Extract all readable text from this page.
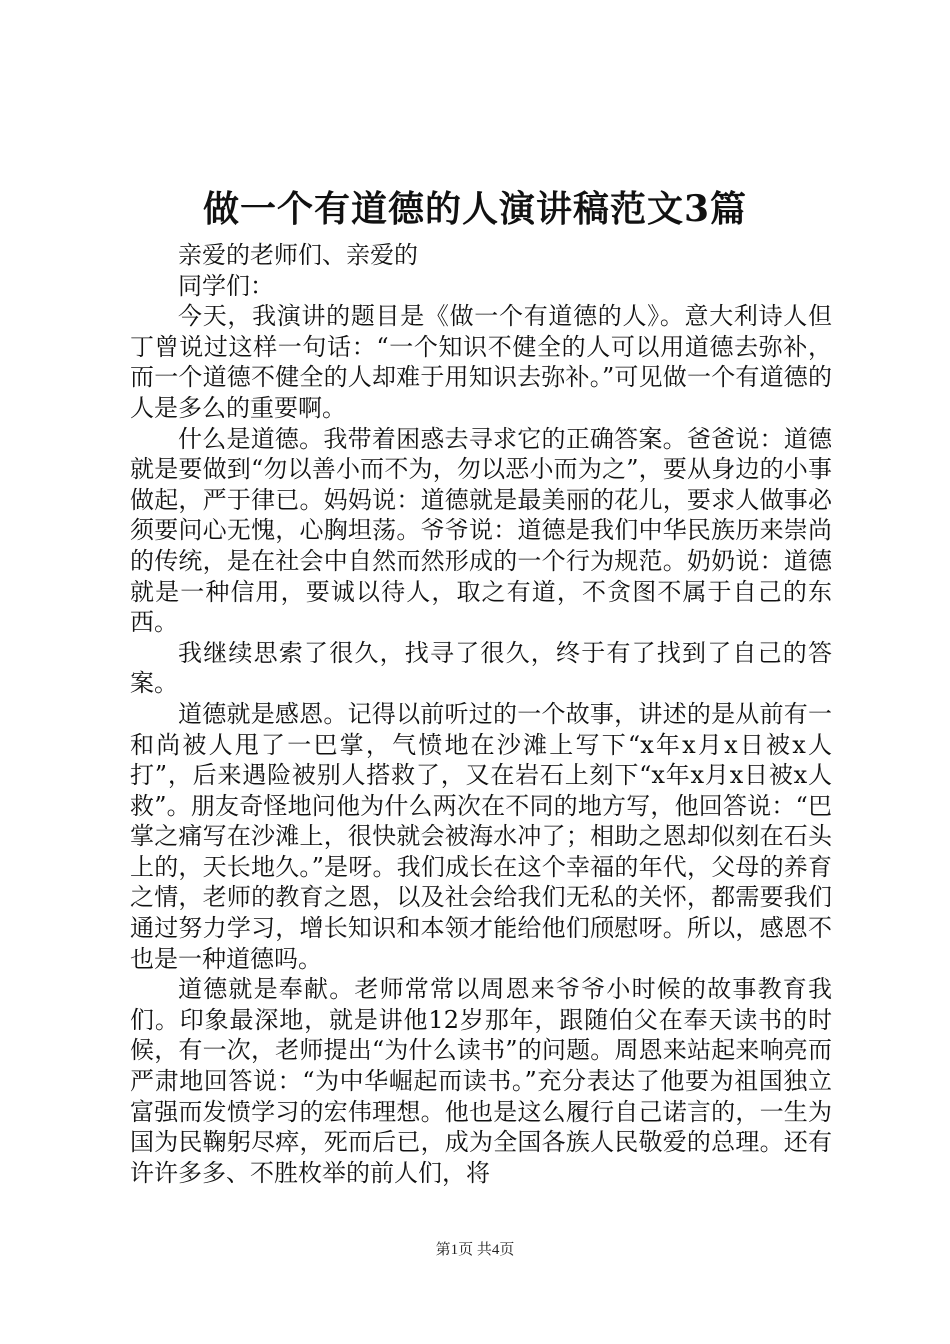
做一个有道德的人演讲稿范文3篇

亲爱的老师们、亲爱的

同学们：

今天，我演讲的题目是《做一个有道德的人》。意大利诗人但丁曾说过这样一句话：“一个知识不健全的人可以用道德去弥补，而一个道德不健全的人却难于用知识去弥补。”可见做一个有道德的人是多么的重要啊。

什么是道德。我带着困惑去寻求它的正确答案。爸爸说：道德就是要做到“勿以善小而不为，勿以恶小而为之”，要从身边的小事做起，严于律已。妈妈说：道德就是最美丽的花儿，要求人做事必须要问心无愧，心胸坦荡。爷爷说：道德是我们中华民族历来崇尚的传统，是在社会中自然而然形成的一个行为规范。奶奶说：道德就是一种信用，要诚以待人，取之有道，不贪图不属于自己的东西。

我继续思索了很久，找寻了很久，终于有了找到了自己的答案。

道德就是感恩。记得以前听过的一个故事，讲述的是从前有一和尚被人甩了一巴掌，气愤地在沙滩上写下“x年x月x日被x人打”，后来遇险被别人搭救了，又在岩石上刻下“x年x月x日被x人救”。朋友奇怪地问他为什么两次在不同的地方写，他回答说：“巴掌之痛写在沙滩上，很快就会被海水冲了；相助之恩却似刻在石头上的，天长地久。”是呀。我们成长在这个幸福的年代，父母的养育之情，老师的教育之恩，以及社会给我们无私的关怀，都需要我们通过努力学习，增长知识和本领才能给他们颀慰呀。所以，感恩不也是一种道德吗。

道德就是奉献。老师常常以周恩来爷爷小时候的故事教育我们。印象最深地，就是讲他12岁那年，跟随伯父在奉天读书的时候，有一次，老师提出“为什么读书”的问题。周恩来站起来响亮而严肃地回答说：“为中华崛起而读书。”充分表达了他要为祖国独立富强而发愤学习的宏伟理想。他也是这么履行自己诺言的，一生为国为民鞠躬尽瘁，死而后已，成为全国各族人民敬爱的总理。还有许许多多、不胜枚举的前人们，将

第1页 共4页
